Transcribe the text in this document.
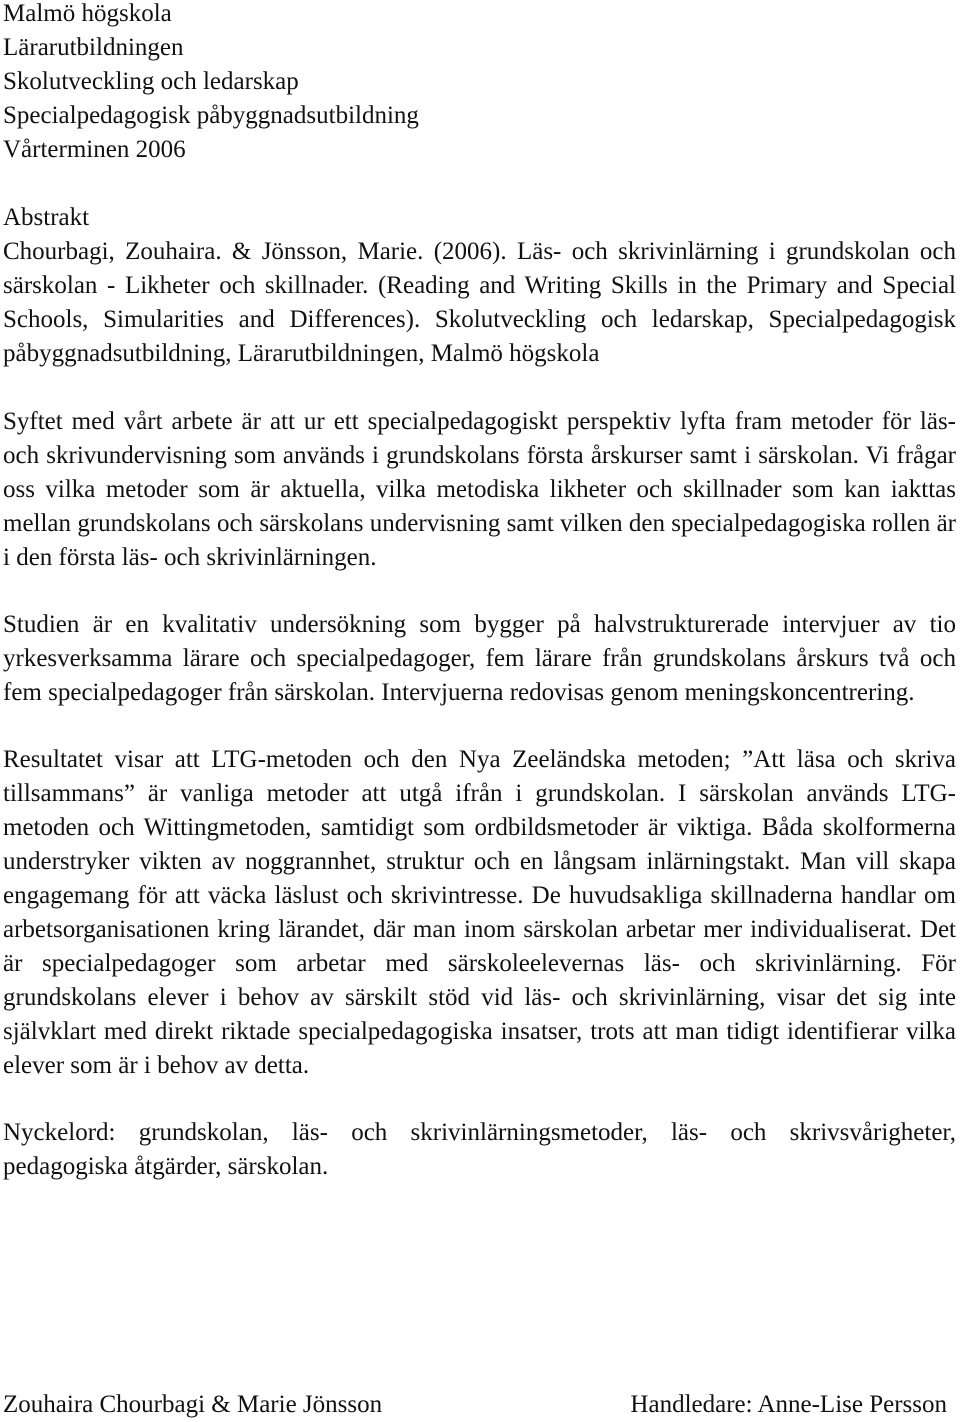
Malmö högskola
Lärarutbildningen
Skolutveckling och ledarskap
Specialpedagogisk påbyggnadsutbildning
Vårterminen 2006
Abstrakt
Chourbagi, Zouhaira. & Jönsson, Marie. (2006). Läs- och skrivinlärning i grundskolan och särskolan - Likheter och skillnader. (Reading and Writing Skills in the Primary and Special Schools, Simularities and Differences). Skolutveckling och ledarskap, Specialpedagogisk påbyggnadsutbildning, Lärarutbildningen, Malmö högskola
Syftet med vårt arbete är att ur ett specialpedagogiskt perspektiv lyfta fram metoder för läs- och skrivundervisning som används i grundskolans första årskurser samt i särskolan. Vi frågar oss vilka metoder som är aktuella, vilka metodiska likheter och skillnader som kan iakttas mellan grundskolans och särskolans undervisning samt vilken den specialpedagogiska rollen är i den första läs- och skrivinlärningen.
Studien är en kvalitativ undersökning som bygger på halvstrukturerade intervjuer av tio yrkesverksamma lärare och specialpedagoger, fem lärare från grundskolans årskurs två och fem specialpedagoger från särskolan. Intervjuerna redovisas genom meningskoncentrering.
Resultatet visar att LTG-metoden och den Nya Zeeländska metoden; ”Att läsa och skriva tillsammans” är vanliga metoder att utgå ifrån i grundskolan. I särskolan används LTG-metoden och Wittingmetoden, samtidigt som ordbildsmetoder är viktiga. Båda skolformerna understryker vikten av noggrannhet, struktur och en långsam inlärningstakt. Man vill skapa engagemang för att väcka läslust och skrivintresse. De huvudsakliga skillnaderna handlar om arbetsorganisationen kring lärandet, där man inom särskolan arbetar mer individualiserat. Det är specialpedagoger som arbetar med särskoleelevernas läs- och skrivinlärning. För grundskolans elever i behov av särskilt stöd vid läs- och skrivinlärning, visar det sig inte självklart med direkt riktade specialpedagogiska insatser, trots att man tidigt identifierar vilka elever som är i behov av detta.
Nyckelord: grundskolan, läs- och skrivinlärningsmetoder, läs- och skrivsvårigheter, pedagogiska åtgärder, särskolan.
Zouhaira Chourbagi & Marie Jönsson	Handledare: Anne-Lise Persson
